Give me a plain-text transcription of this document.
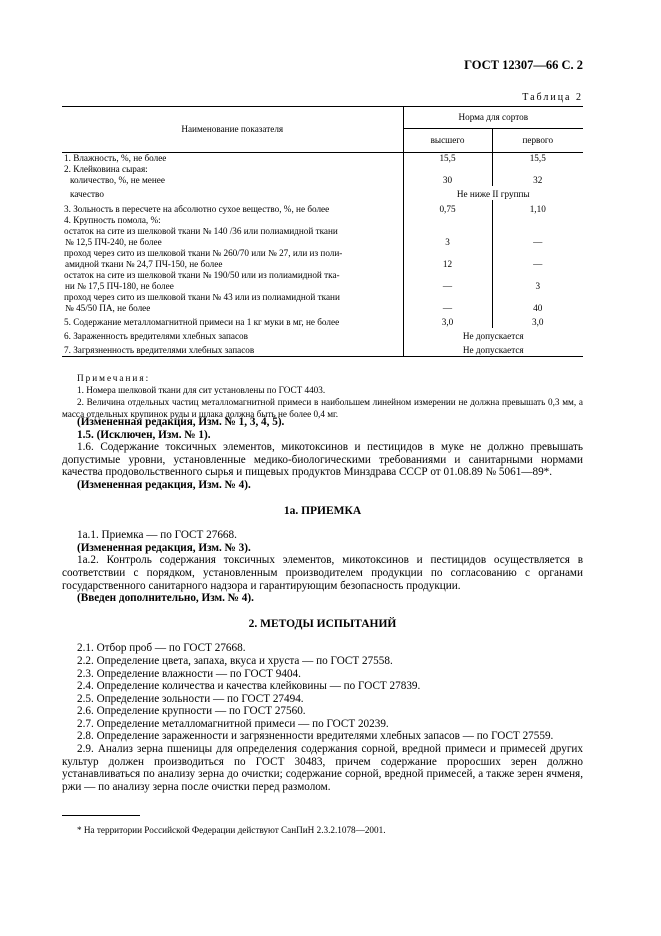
ГОСТ 12307—66 С. 2
Таблица 2
Наименование показателя	Норма для сортов	
	высшего	первого
1. Влажность, %, не более	15,5	15,5
2. Клейковина сырая:		
количество, %, не менее	30	32
качество	Не ниже II группы	
3. Зольность в пересчете на абсолютно сухое вещество, %, не более	0,75	1,10
4. Крупность помола, %:		
остаток на сите из шелковой ткани № 140 /36 или полиамидной ткани		
№ 12,5 ПЧ-240, не более	3	—
проход через сито из шелковой ткани № 260/70 или № 27, или из поли-		
амидной ткани № 24,7 ПЧ-150, не более	12	—
остаток на сите из шелковой ткани № 190/50 или из полиамидной тка-		
ни № 17,5 ПЧ-180, не более	—	3
проход через сито из шелковой ткани № 43 или из полиамидной ткани		
№ 45/50 ПА, не более	—	40
5. Содержание металломагнитной примеси на 1 кг муки в мг, не более	3,0	3,0
6. Зараженность вредителями хлебных запасов	Не допускается	
7. Загрязненность вредителями хлебных запасов	Не допускается	

Примечания:

1. Номера шелковой ткани для сит установлены по ГОСТ 4403.

2. Величина отдельных частиц металломагнитной примеси в наибольшем линейном измерении не должна превышать 0,3 мм, а масса отдельных крупинок руды и шлака должна быть не более 0,4 мг.

(Измененная редакция, Изм. № 1, 3, 4, 5).

1.5. (Исключен, Изм. № 1).

1.6. Содержание токсичных элементов, микотоксинов и пестицидов в муке не должно превышать допустимые уровни, установленные медико-биологическими требованиями и санитарными нормами качества продовольственного сырья и пищевых продуктов Минздрава СССР от 01.08.89 № 5061—89*.

(Измененная редакция, Изм. № 4).

1а. ПРИЕМКА

1а.1. Приемка — по ГОСТ 27668.

(Измененная редакция, Изм. № 3).

1а.2. Контроль содержания токсичных элементов, микотоксинов и пестицидов осуществляется в соответствии с порядком, установленным производителем продукции по согласованию с органами государственного санитарного надзора и гарантирующим безопасность продукции.

(Введен дополнительно, Изм. № 4).

2. МЕТОДЫ ИСПЫТАНИЙ

2.1. Отбор проб — по ГОСТ 27668.

2.2. Определение цвета, запаха, вкуса и хруста — по ГОСТ 27558.

2.3. Определение влажности — по ГОСТ 9404.

2.4. Определение количества и качества клейковины — по ГОСТ 27839.

2.5. Определение зольности — по ГОСТ 27494.

2.6. Определение крупности — по ГОСТ 27560.

2.7. Определение металломагнитной примеси — по ГОСТ 20239.

2.8. Определение зараженности и загрязненности вредителями хлебных запасов — по ГОСТ 27559.

2.9. Анализ зерна пшеницы для определения содержания сорной, вредной примеси и примесей других культур должен производиться по ГОСТ 30483, причем содержание проросших зерен должно устанавливаться по анализу зерна до очистки; содержание сорной, вредной примесей, а также зерен ячменя, ржи — по анализу зерна после очистки перед размолом.

* На территории Российской Федерации действуют СанПиН 2.3.2.1078—2001.
